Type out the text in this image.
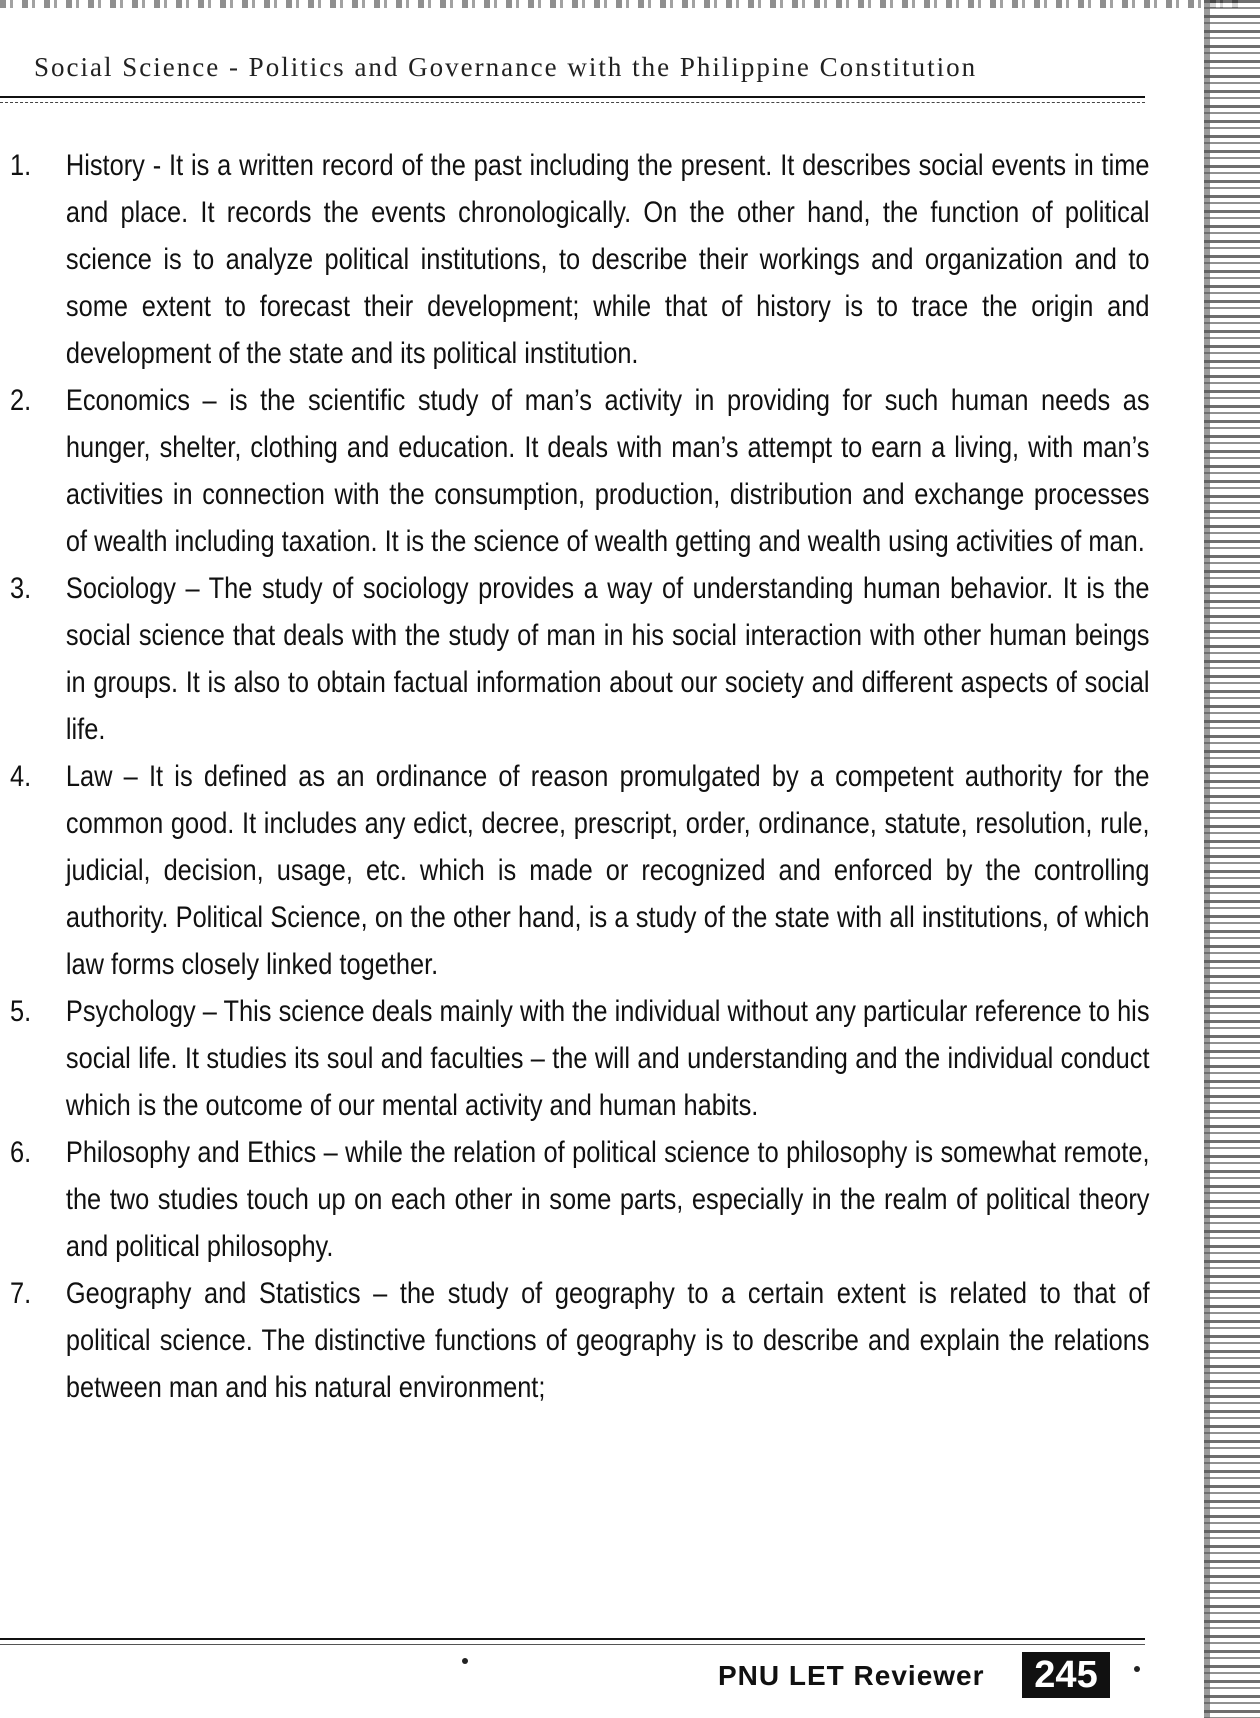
Social Science - Politics and Governance with the Philippine Constitution
1.	History - It is a written record of the past including the present. It describes social events in time and place. It records the events chronologically. On the other hand, the function of political science is to analyze political institutions, to describe their workings and organization and to some extent to forecast their development; while that of history is to trace the origin and development of the state and its political institution.
2.	Economics – is the scientific study of man’s activity in providing for such human needs as hunger, shelter, clothing and education. It deals with man’s attempt to earn a living, with man’s activities in connection with the consumption, production, distribution and exchange processes of wealth including taxation. It is the science of wealth getting and wealth using activities of man.
3.	Sociology – The study of sociology provides a way of understanding human behavior. It is the social science that deals with the study of man in his social interaction with other human beings in groups. It is also to obtain factual information about our society and different aspects of social life.
4.	Law – It is defined as an ordinance of reason promulgated by a competent authority for the common good. It includes any edict, decree, prescript, order, ordinance, statute, resolution, rule, judicial, decision, usage, etc. which is made or recognized and enforced by the controlling authority. Political Science, on the other hand, is a study of the state with all institutions, of which law forms closely linked together.
5.	Psychology – This science deals mainly with the individual without any particular reference to his social life. It studies its soul and faculties – the will and understanding and the individual conduct which is the outcome of our mental activity and human habits.
6.	Philosophy and Ethics – while the relation of political science to philosophy is somewhat remote, the two studies touch up on each other in some parts, especially in the realm of political theory and political philosophy.
7.	Geography and Statistics – the study of geography to a certain extent is related to that of political science. The distinctive functions of geography is to describe and explain the relations between man and his natural environment;
PNU LET Reviewer	245
